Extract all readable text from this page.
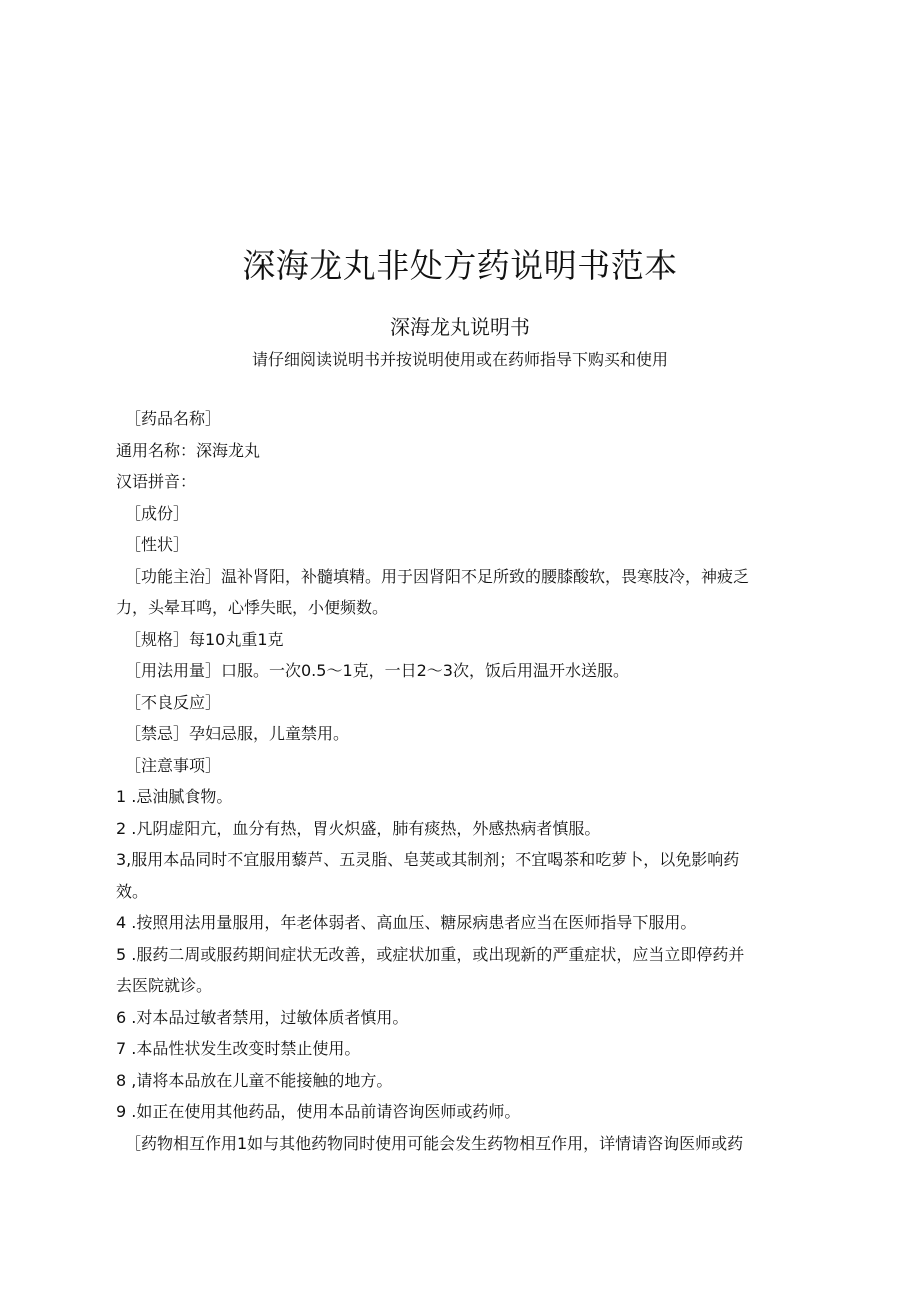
深海龙丸非处方药说明书范本
深海龙丸说明书

请仔细阅读说明书并按说明使用或在药师指导下购买和使用

［药品名称］
通用名称：深海龙丸
汉语拼音：
［成份］
［性状］
［功能主治］温补肾阳，补髓填精。用于因肾阳不足所致的腰膝酸软，畏寒肢冷，神疲乏
力，头晕耳鸣，心悸失眠，小便频数。
［规格］每10丸重1克
［用法用量］口服。一次0.5～1克，一日2～3次，饭后用温开水送服。
［不良反应］
［禁忌］孕妇忌服，儿童禁用。
［注意事项］
1 .忌油腻食物。
2 .凡阴虚阳亢，血分有热，胃火炽盛，肺有痰热，外感热病者慎服。
3,服用本品同时不宜服用藜芦、五灵脂、皂荚或其制剂；不宜喝茶和吃萝卜，以免影响药
效。
4 .按照用法用量服用，年老体弱者、高血压、糖尿病患者应当在医师指导下服用。
5 .服药二周或服药期间症状无改善，或症状加重，或出现新的严重症状，应当立即停药并
去医院就诊。
6 .对本品过敏者禁用，过敏体质者慎用。
7 .本品性状发生改变时禁止使用。
8 ,请将本品放在儿童不能接触的地方。
9 .如正在使用其他药品，使用本品前请咨询医师或药师。
［药物相互作用1如与其他药物同时使用可能会发生药物相互作用，详情请咨询医师或药
